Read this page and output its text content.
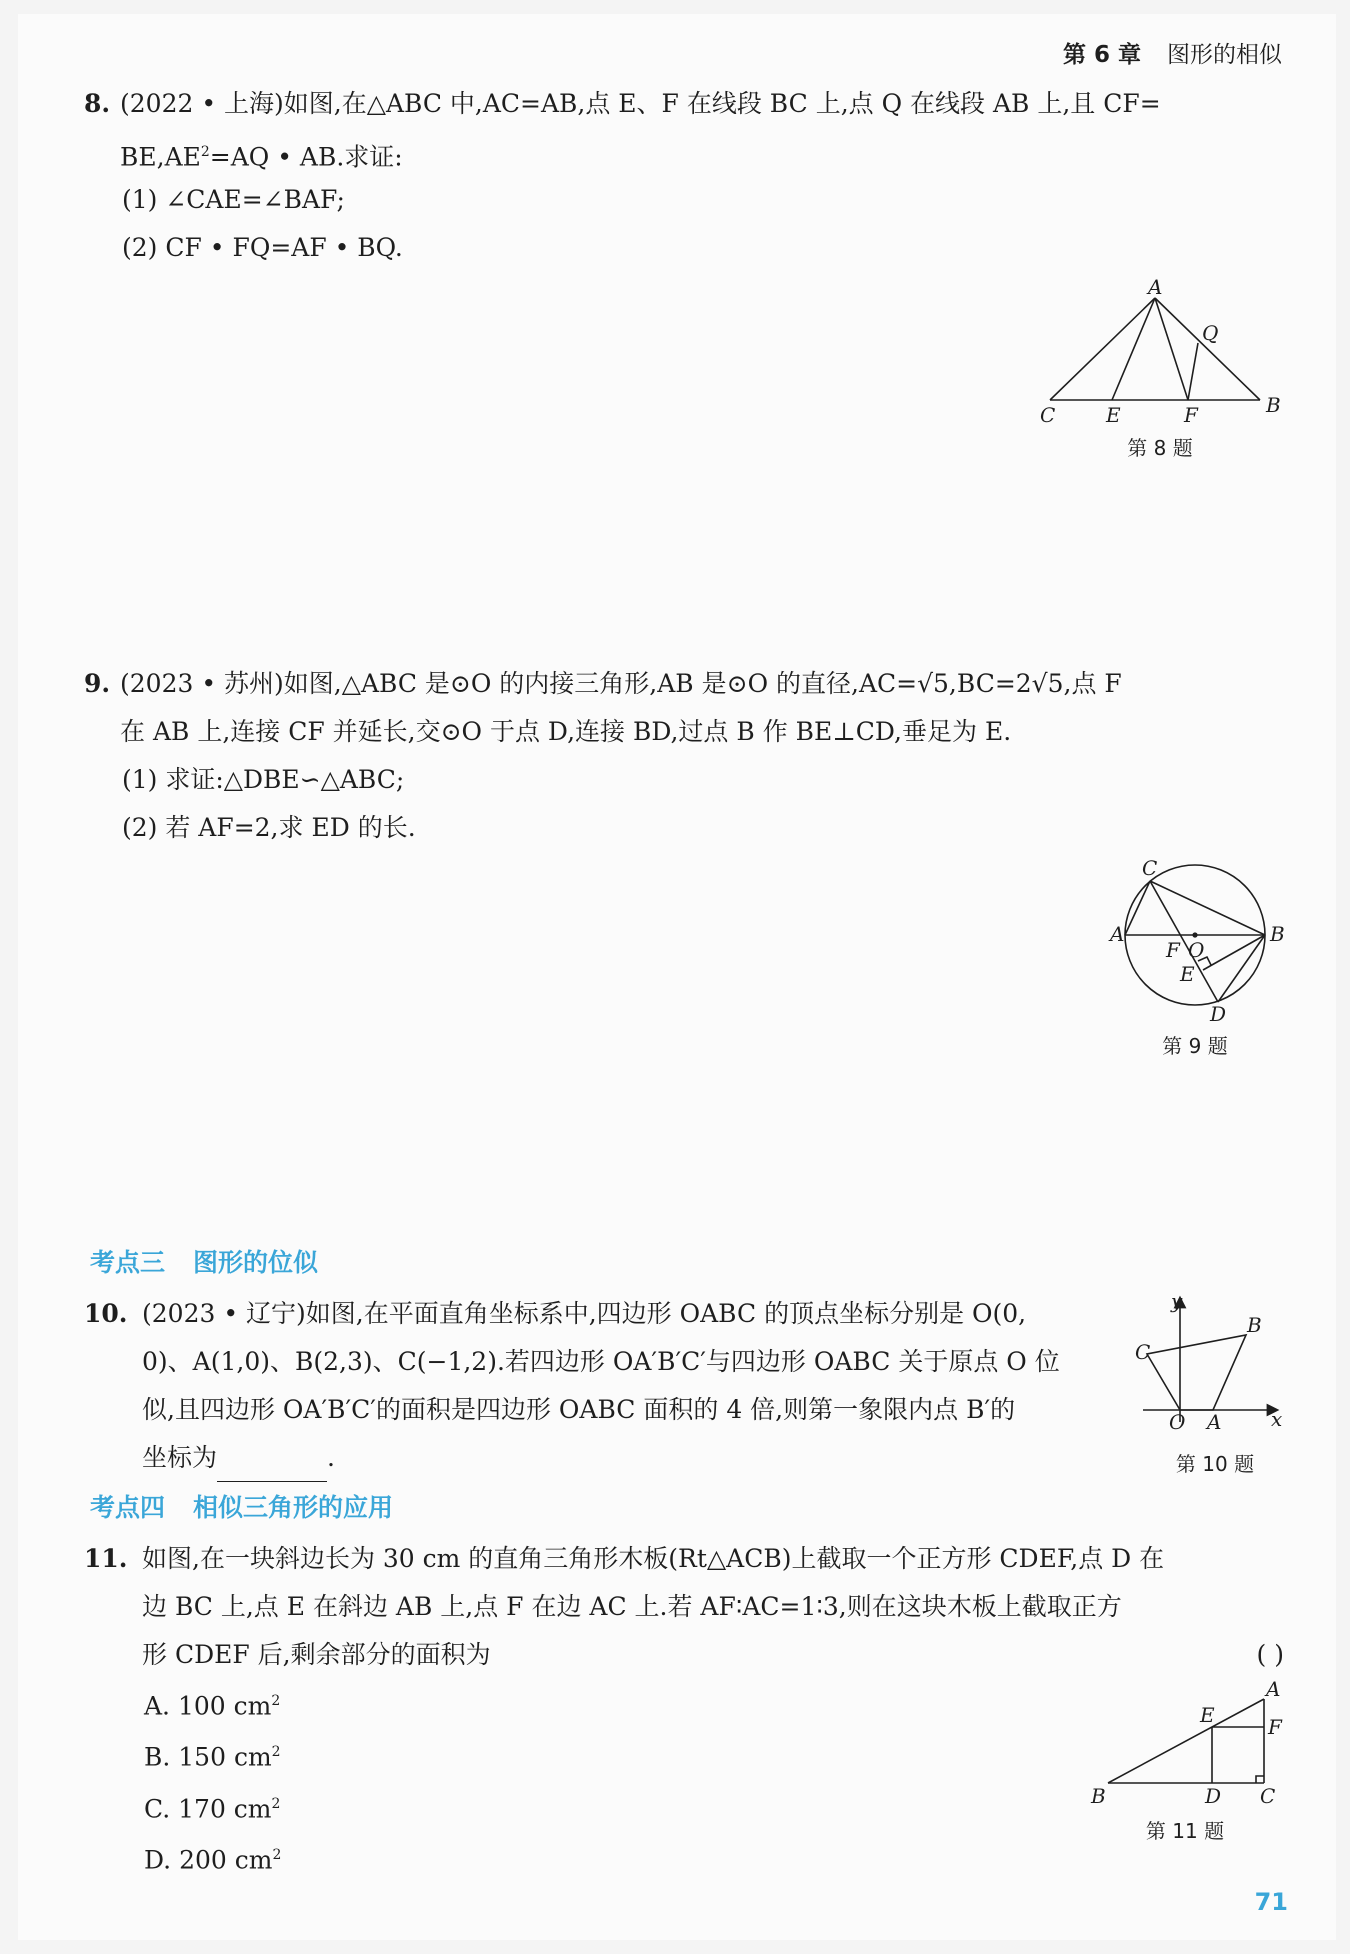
第 6 章 图形的相似
8. (2022 • 上海)如图,在△ABC 中,AC=AB,点 E、F 在线段 BC 上,点 Q 在线段 AB 上,且 CF=
$BE,AE^2=AQ$ • AB.求证:
(1) ∠CAE=∠BAF;
(2) CF • FQ=AF • BQ.
A
Q
C	E	F	B
第 8 题
9. (2023 • 苏州)如图,△ABC 是⊙O 的内接三角形,AB 是⊙O 的直径,AC=√5,BC=2√5,点 F
在 AB 上,连接 CF 并延长,交⊙O 于点 D,连接 BD,过点 B 作 BE⊥CD,垂足为 E.
(1) 求证:△DBE∽△ABC;
(2) 若 AF=2,求 ED 的长.
C
A	B
F O
E
D
第 9 题
考点三 图形的位似
10. (2023 • 辽宁)如图,在平面直角坐标系中,四边形 OABC 的顶点坐标分别是 O(0,
0)、A(1,0)、B(2,3)、C(−1,2).若四边形 OA′B′C′与四边形 OABC 关于原点 O 位
似,且四边形 OA′B′C′的面积是四边形 OABC 面积的 4 倍,则第一象限内点 B′的
坐标为	.
y
x
B
C
O A
第 10 题
考点四 相似三角形的应用
11. 如图,在一块斜边长为 30 cm 的直角三角形木板(Rt△ACB)上截取一个正方形 CDEF,点 D 在
边 BC 上,点 E 在斜边 AB 上,点 F 在边 AC 上.若 AF∶AC=1∶3,则在这块木板上截取正方
形 CDEF 后,剩余部分的面积为	( )
A. 100 $cm^2$
B. 150 $cm^2$
C. 170 $cm^2$
D. 200 $cm^2$
A
E	F
B	D C
第 11 题
71
